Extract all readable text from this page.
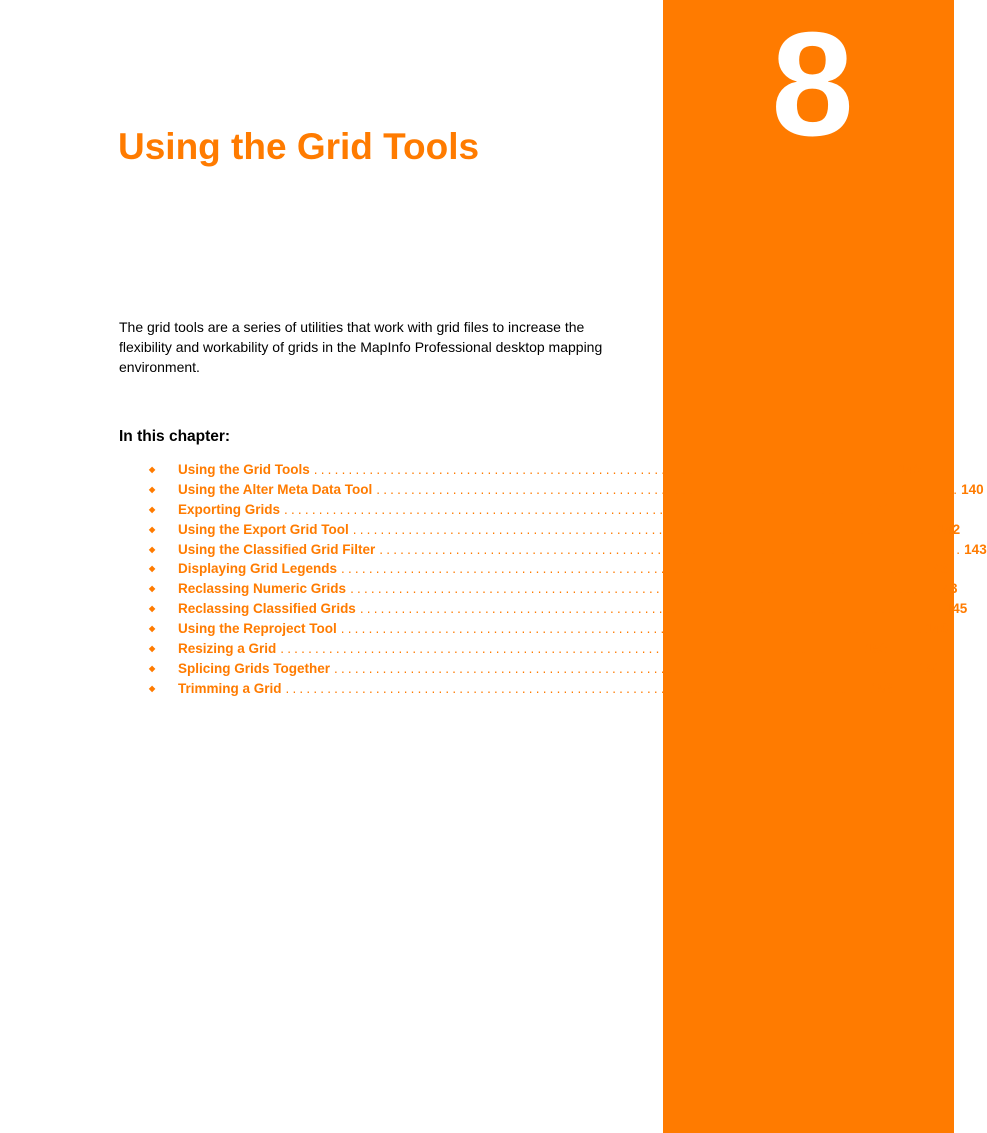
8
Using the Grid Tools

The grid tools are a series of utilities that work with grid files to increase the flexibility and workability of grids in the MapInfo Professional desktop mapping environment.

In this chapter:
◆	Using the Grid Tools .................................................................................... 140
◆	Using the Alter Meta Data Tool .................................................................................... 140
◆	Exporting Grids .................................................................................... 141
◆	Using the Export Grid Tool .................................................................................... 142
◆	Using the Classified Grid Filter .................................................................................... 143
◆	Displaying Grid Legends .................................................................................... 143
◆	Reclassing Numeric Grids .................................................................................... 143
◆	Reclassing Classified Grids .................................................................................... 145
◆	Using the Reproject Tool .................................................................................... 148
◆	Resizing a Grid .................................................................................... 150
◆	Splicing Grids Together .................................................................................... 151
◆	Trimming a Grid .................................................................................... 153
